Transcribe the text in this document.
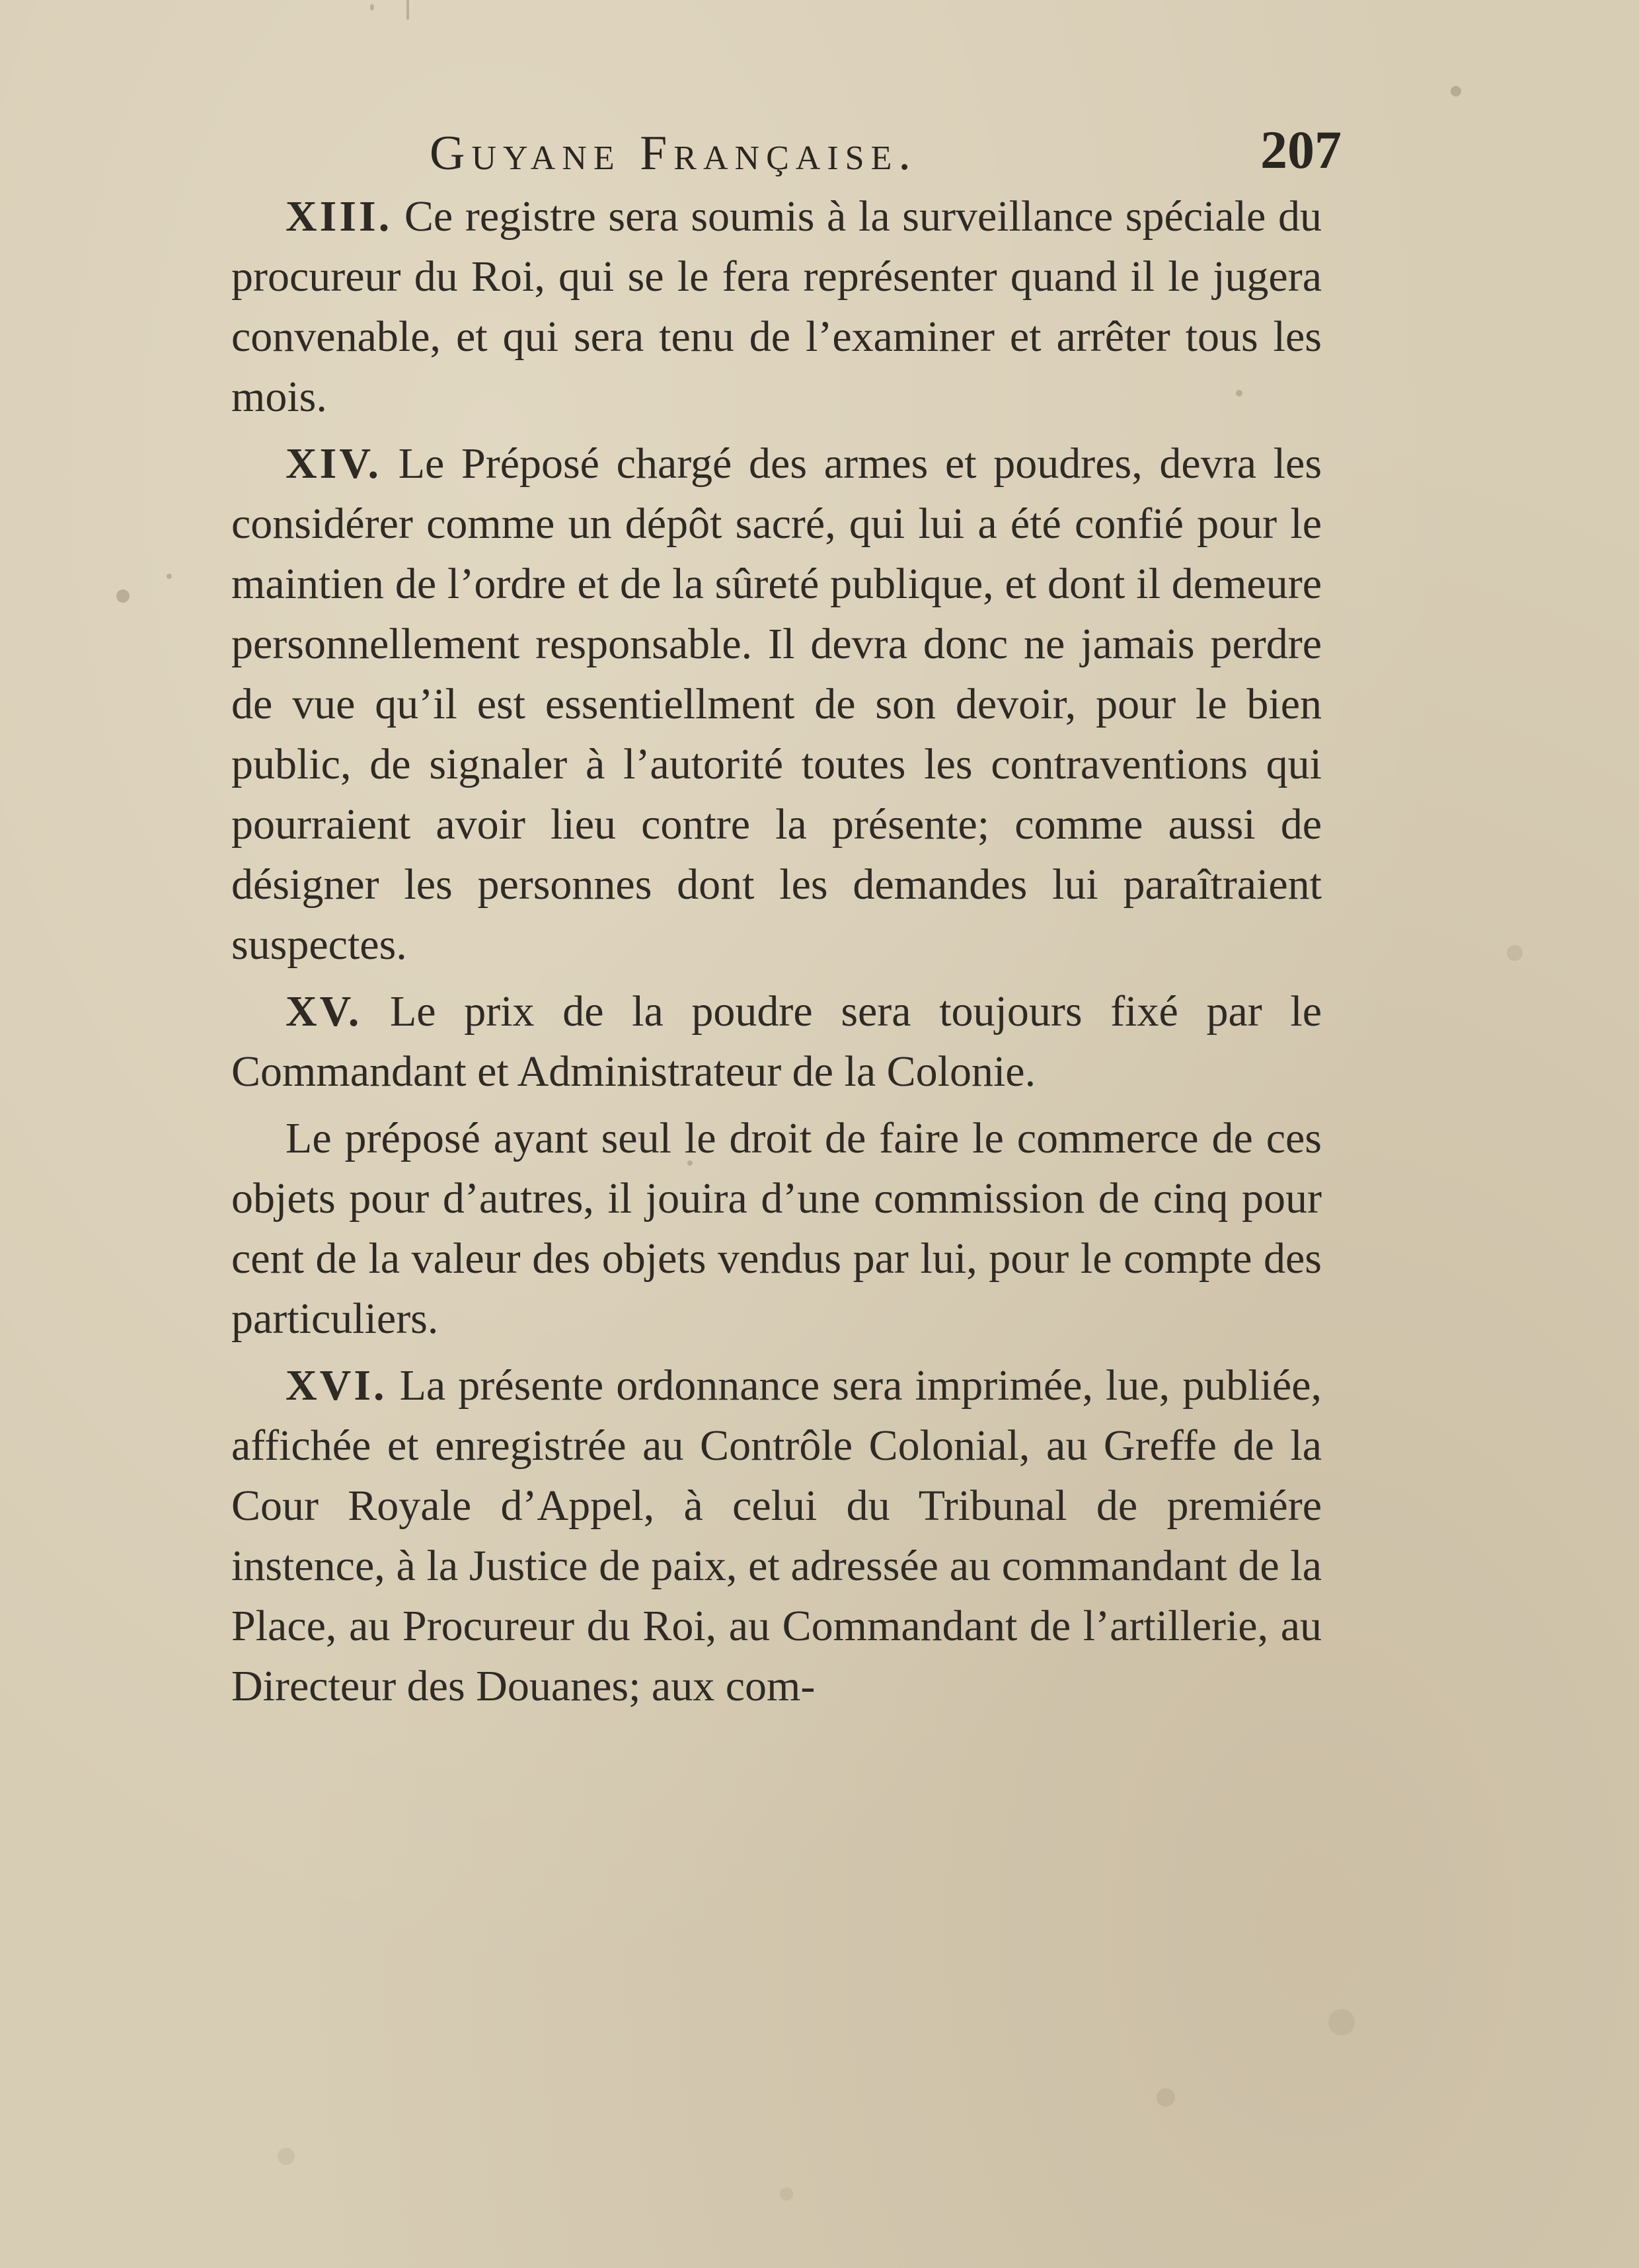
Guyane Française.	207

XIII. Ce registre sera soumis à la surveillance spéciale du procureur du Roi, qui se le fera représenter quand il le jugera convenable, et qui sera tenu de l’examiner et arrêter tous les mois.

XIV. Le Préposé chargé des armes et poudres, devra les considérer comme un dépôt sacré, qui lui a été confié pour le maintien de l’ordre et de la sûreté publique, et dont il demeure personnellement responsable. Il devra donc ne jamais perdre de vue qu’il est essentiellment de son devoir, pour le bien public, de signaler à l’autorité toutes les contraventions qui pourraient avoir lieu contre la présente; comme aussi de désigner les personnes dont les demandes lui paraîtraient suspectes.

XV. Le prix de la poudre sera toujours fixé par le Commandant et Administrateur de la Colonie.

Le préposé ayant seul le droit de faire le commerce de ces objets pour d’autres, il jouira d’une commission de cinq pour cent de la valeur des objets vendus par lui, pour le compte des particuliers.

XVI. La présente ordonnance sera imprimée, lue, publiée, affichée et enregistrée au Contrôle Colonial, au Greffe de la Cour Royale d’Appel, à celui du Tribunal de premiére instence, à la Justice de paix, et adressée au commandant de la Place, au Procureur du Roi, au Commandant de l’artillerie, au Directeur des Douanes; aux com-
